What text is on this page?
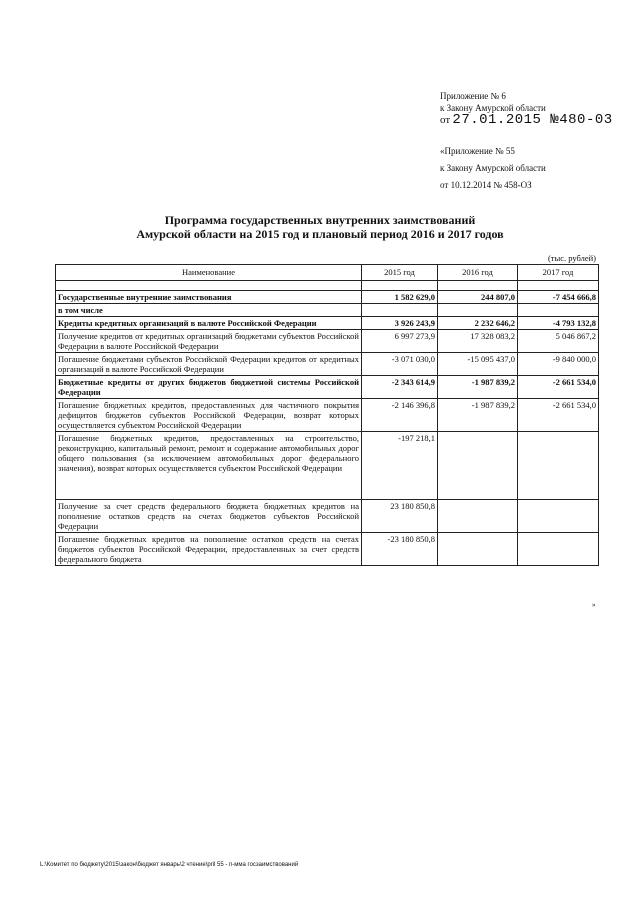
Приложение № 6
к Закону Амурской области
от 27.01.2015 №480-03
«Приложение № 55
к Закону Амурской области
от 10.12.2014 № 458-ОЗ
Программа государственных внутренних заимствований
Амурской области на 2015 год и плановый период 2016 и 2017 годов
(тыс. рублей)
Наименование	2015 год	2016 год	2017 год

Государственные внутренние заимствования	1 582 629,0	244 807,0	-7 454 666,8
в том числе			
Кредиты кредитных организаций в валюте Российской Федерации	3 926 243,9	2 232 646,2	-4 793 132,8
Получение кредитов от кредитных организаций бюджетами субъектов Российской Федерации в валюте Российской Федерации	6 997 273,9	17 328 083,2	5 046 867,2
Погашение бюджетами субъектов Российской Федерации кредитов от кредитных организаций в валюте Российской Федерации	-3 071 030,0	-15 095 437,0	-9 840 000,0
Бюджетные кредиты от других бюджетов бюджетной системы Российской Федерации	-2 343 614,9	-1 987 839,2	-2 661 534,0
Погашение бюджетных кредитов, предоставленных для частичного покрытия дефицитов бюджетов субъектов Российской Федерации, возврат которых осуществляется субъектом Российской Федерации	-2 146 396,8	-1 987 839,2	-2 661 534,0
Погашение бюджетных кредитов, предоставленных на строительство, реконструкцию, капитальный ремонт, ремонт и содержание автомобильных дорог общего пользования (за исключением автомобильных дорог федерального значения), возврат которых осуществляется субъектом Российской Федерации	-197 218,1		
Получение за счет средств федерального бюджета бюджетных кредитов на пополнение остатков средств на счетах бюджетов субъектов Российской Федерации	23 180 850,8		
Погашение бюджетных кредитов на пополнение остатков средств на счетах бюджетов субъектов Российской Федерации, предоставленных за счет средств федерального бюджета	-23 180 850,8		
»
L:\Комитет по бюджету\2015\закон\бюджет январь\2 чтение\pril 55 - п-мма госзаимствований
